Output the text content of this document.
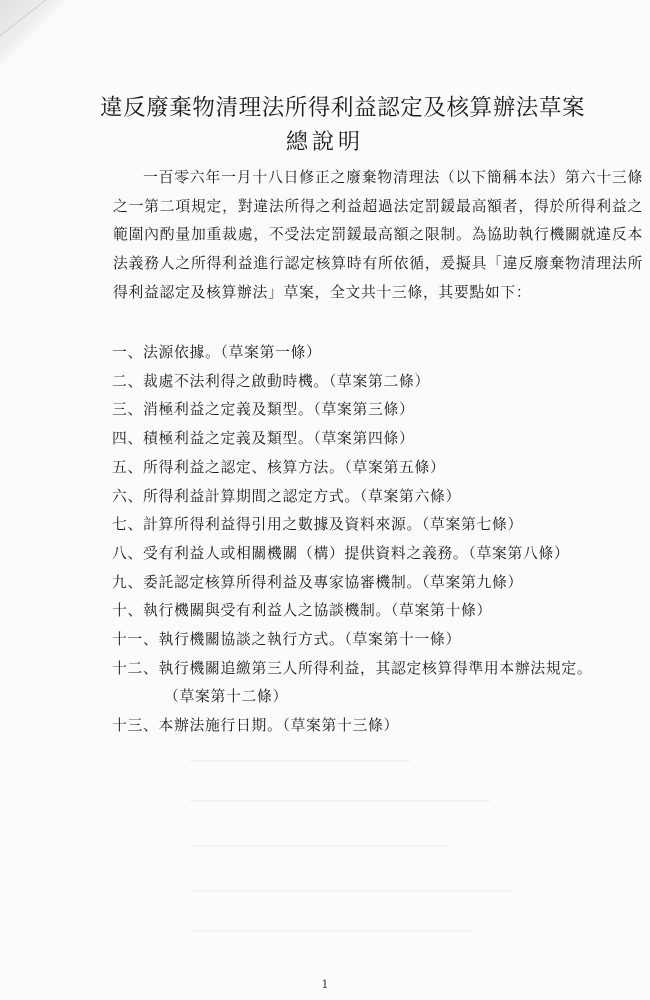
違反廢棄物清理法所得利益認定及核算辦法草案
總說明

一百零六年一月十八日修正之廢棄物清理法（以下簡稱本法）第六十三條之一第二項規定，對違法所得之利益超過法定罰鍰最高額者，得於所得利益之範圍內酌量加重裁處，不受法定罰鍰最高額之限制。為協助執行機關就違反本法義務人之所得利益進行認定核算時有所依循，爰擬具「違反廢棄物清理法所得利益認定及核算辦法」草案，全文共十三條，其要點如下：

一、法源依據。（草案第一條）
二、裁處不法利得之啟動時機。（草案第二條）
三、消極利益之定義及類型。（草案第三條）
四、積極利益之定義及類型。（草案第四條）
五、所得利益之認定、核算方法。（草案第五條）
六、所得利益計算期間之認定方式。（草案第六條）
七、計算所得利益得引用之數據及資料來源。（草案第七條）
八、受有利益人或相關機關（構）提供資料之義務。（草案第八條）
九、委託認定核算所得利益及專家協審機制。（草案第九條）
十、執行機關與受有利益人之協談機制。（草案第十條）
十一、執行機關協談之執行方式。（草案第十一條）
十二、執行機關追繳第三人所得利益，其認定核算得準用本辦法規定。
（草案第十二條）
十三、本辦法施行日期。（草案第十三條）
1
